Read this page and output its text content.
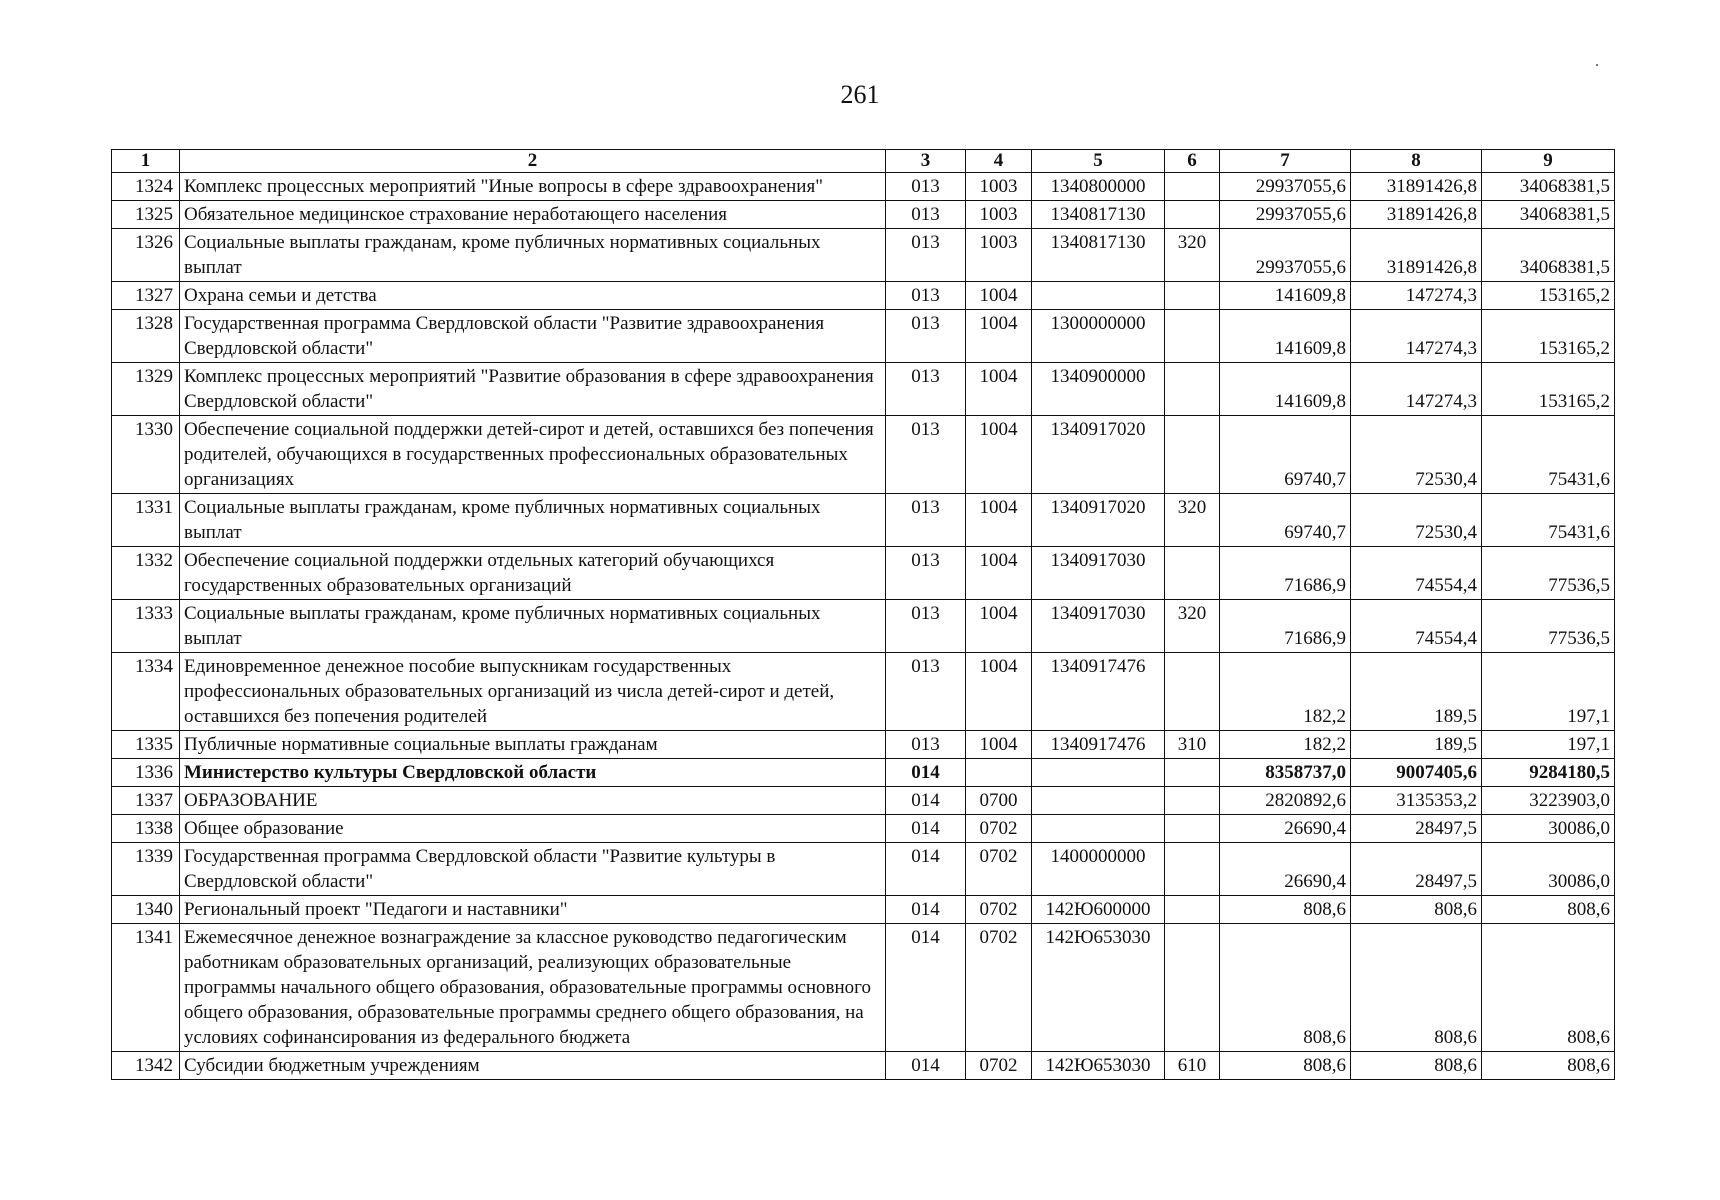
261
1	2	3	4	5	6	7	8	9
1324	Комплекс процессных мероприятий "Иные вопросы в сфере здравоохранения"	013	1003	1340800000		29937055,6	31891426,8	34068381,5
1325	Обязательное медицинское страхование неработающего населения	013	1003	1340817130		29937055,6	31891426,8	34068381,5
1326	Социальные выплаты гражданам, кроме публичных нормативных социальных выплат	013	1003	1340817130	320	29937055,6	31891426,8	34068381,5
1327	Охрана семьи и детства	013	1004			141609,8	147274,3	153165,2
1328	Государственная программа Свердловской области "Развитие здравоохранения Свердловской области"	013	1004	1300000000		141609,8	147274,3	153165,2
1329	Комплекс процессных мероприятий "Развитие образования в сфере здравоохранения Свердловской области"	013	1004	1340900000		141609,8	147274,3	153165,2
1330	Обеспечение социальной поддержки детей-сирот и детей, оставшихся без попечения родителей, обучающихся в государственных профессиональных образовательных организациях	013	1004	1340917020		69740,7	72530,4	75431,6
1331	Социальные выплаты гражданам, кроме публичных нормативных социальных выплат	013	1004	1340917020	320	69740,7	72530,4	75431,6
1332	Обеспечение социальной поддержки отдельных категорий обучающихся государственных образовательных организаций	013	1004	1340917030		71686,9	74554,4	77536,5
1333	Социальные выплаты гражданам, кроме публичных нормативных социальных выплат	013	1004	1340917030	320	71686,9	74554,4	77536,5
1334	Единовременное денежное пособие выпускникам государственных профессиональных образовательных организаций из числа детей-сирот и детей, оставшихся без попечения родителей	013	1004	1340917476		182,2	189,5	197,1
1335	Публичные нормативные социальные выплаты гражданам	013	1004	1340917476	310	182,2	189,5	197,1
1336	Министерство культуры Свердловской области	014				8358737,0	9007405,6	9284180,5
1337	ОБРАЗОВАНИЕ	014	0700			2820892,6	3135353,2	3223903,0
1338	Общее образование	014	0702			26690,4	28497,5	30086,0
1339	Государственная программа Свердловской области "Развитие культуры в Свердловской области"	014	0702	1400000000		26690,4	28497,5	30086,0
1340	Региональный проект "Педагоги и наставники"	014	0702	142Ю600000		808,6	808,6	808,6
1341	Ежемесячное денежное вознаграждение за классное руководство педагогическим работникам образовательных организаций, реализующих образовательные программы начального общего образования, образовательные программы основного общего образования, образовательные программы среднего общего образования, на условиях софинансирования из федерального бюджета	014	0702	142Ю653030		808,6	808,6	808,6
1342	Субсидии бюджетным учреждениям	014	0702	142Ю653030	610	808,6	808,6	808,6
